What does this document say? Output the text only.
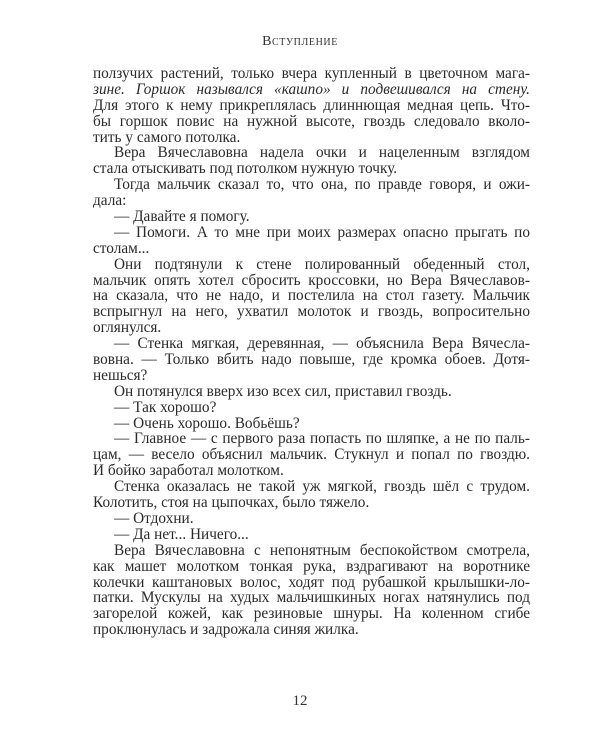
Вступление
ползучих растений, только вчера купленный в цветочном мага-
зине. Горшок назывался «кашпо» и подвешивался на стену.
Для этого к нему прикреплялась длиннющая медная цепь. Что-
бы горшок повис на нужной высоте, гвоздь следовало вколо-
тить у самого потолка.
Вера Вячеславовна надела очки и нацеленным взглядом
стала отыскивать под потолком нужную точку.
Тогда мальчик сказал то, что она, по правде говоря, и ожи-
дала:
— Давайте я помогу.
— Помоги. А то мне при моих размерах опасно прыгать по
столам...
Они подтянули к стене полированный обеденный стол,
мальчик опять хотел сбросить кроссовки, но Вера Вячеславов-
на сказала, что не надо, и постелила на стол газету. Мальчик
вспрыгнул на него, ухватил молоток и гвоздь, вопросительно
оглянулся.
— Стенка мягкая, деревянная, — объяснила Вера Вячесла-
вовна. — Только вбить надо повыше, где кромка обоев. Дотя-
нешься?
Он потянулся вверх изо всех сил, приставил гвоздь.
— Так хорошо?
— Очень хорошо. Вобьёшь?
— Главное — с первого раза попасть по шляпке, а не по паль-
цам, — весело объяснил мальчик. Стукнул и попал по гвоздю.
И бойко заработал молотком.
Стенка оказалась не такой уж мягкой, гвоздь шёл с трудом.
Колотить, стоя на цыпочках, было тяжело.
— Отдохни.
— Да нет... Ничего...
Вера Вячеславовна с непонятным беспокойством смотрела,
как машет молотком тонкая рука, вздрагивают на воротнике
колечки каштановых волос, ходят под рубашкой крылышки-ло-
патки. Мускулы на худых мальчишкиных ногах натянулись под
загорелой кожей, как резиновые шнуры. На коленном сгибе
проклюнулась и задрожала синяя жилка.
12
